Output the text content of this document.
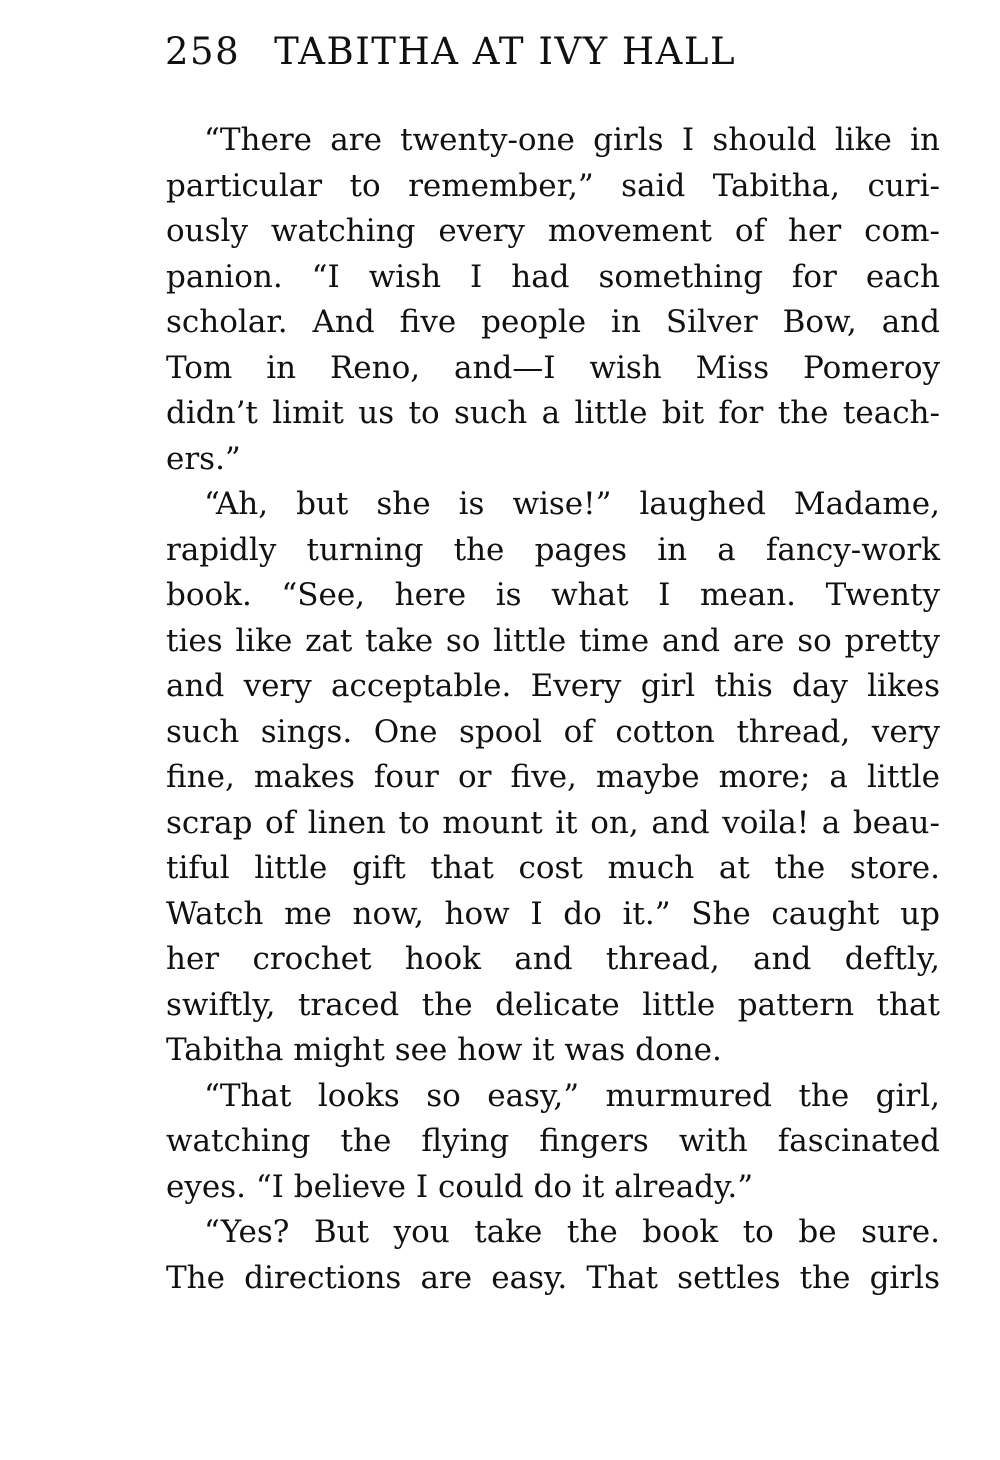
258 TABITHA AT IVY HALL
“There are twenty-one girls I should like in
particular to remember,” said Tabitha, curi-
ously watching every movement of her com-
panion. “I wish I had something for each
scholar. And five people in Silver Bow, and
Tom in Reno, and—I wish Miss Pomeroy
didn’t limit us to such a little bit for the teach-
ers.”
“Ah, but she is wise!” laughed Madame,
rapidly turning the pages in a fancy-work
book. “See, here is what I mean. Twenty
ties like zat take so little time and are so pretty
and very acceptable. Every girl this day likes
such sings. One spool of cotton thread, very
fine, makes four or five, maybe more; a little
scrap of linen to mount it on, and voila! a beau-
tiful little gift that cost much at the store.
Watch me now, how I do it.” She caught up
her crochet hook and thread, and deftly,
swiftly, traced the delicate little pattern that
Tabitha might see how it was done.
“That looks so easy,” murmured the girl,
watching the flying fingers with fascinated
eyes. “I believe I could do it already.”
“Yes? But you take the book to be sure.
The directions are easy. That settles the girls
